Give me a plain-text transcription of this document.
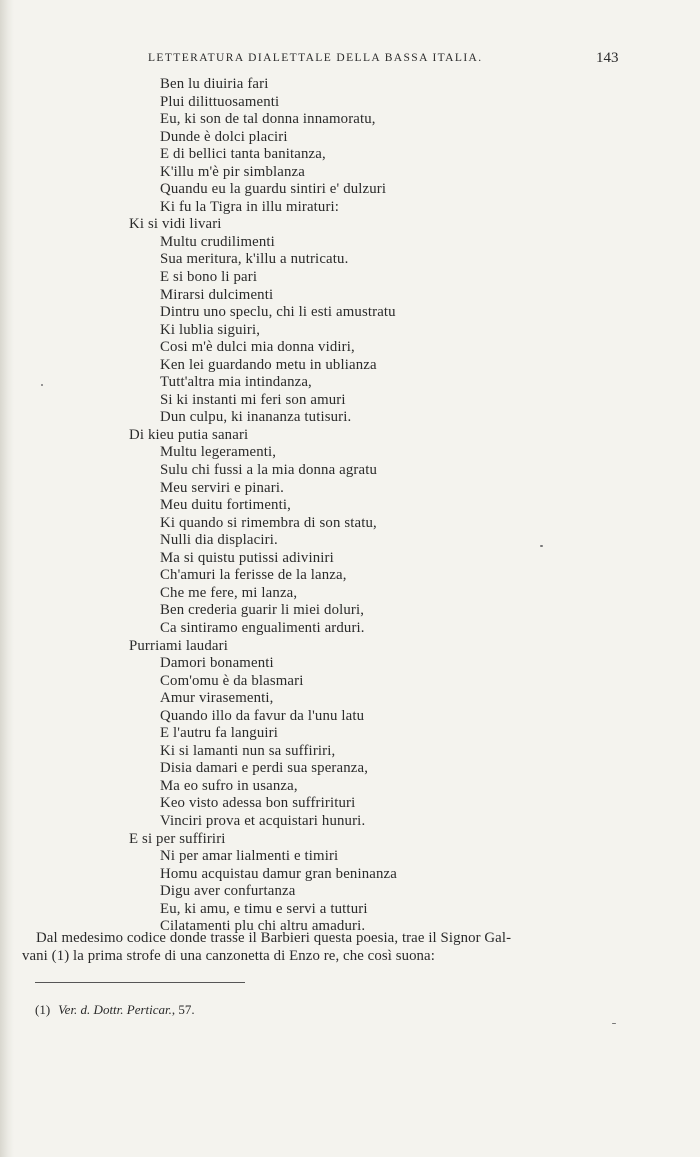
LETTERATURA DIALETTALE DELLA BASSA ITALIA.	143
Ben lu diuiria fari
Plui dilittuosamenti
Eu, ki son de tal donna innamoratu,
Dunde è dolci placiri
E di bellici tanta banitanza,
K'illu m'è pir simblanza
Quandu eu la guardu sintiri e' dulzuri
Ki fu la Tigra in illu miraturi:
Ki si vidi livari
Multu crudilimenti
Sua meritura, k'illu a nutricatu.
E si bono li pari
Mirarsi dulcimenti
Dintru uno speclu, chi li esti amustratu
Ki lublia siguiri,
Cosi m'è dulci mia donna vidiri,
Ken lei guardando metu in ublianza
Tutt'altra mia intindanza,
Si ki instanti mi feri son amuri
Dun culpu, ki inananza tutisuri.
Di kieu putia sanari
Multu legeramenti,
Sulu chi fussi a la mia donna agratu
Meu serviri e pinari.
Meu duitu fortimenti,
Ki quando si rimembra di son statu,
Nulli dia displaciri.
Ma si quistu putissi adiviniri
Ch'amuri la ferisse de la lanza,
Che me fere, mi lanza,
Ben crederia guarir li miei doluri,
Ca sintiramo engualimenti arduri.
Purriami laudari
Damori bonamenti
Com'omu è da blasmari
Amur virasementi,
Quando illo da favur da l'unu latu
E l'autru fa languiri
Ki si lamanti nun sa suffiriri,
Disia damari e perdi sua speranza,
Ma eo sufro in usanza,
Keo visto adessa bon suffririturi
Vinciri prova et acquistari hunuri.
E si per suffiriri
Ni per amar lialmenti e timiri
Homu acquistau damur gran beninanza
Digu aver confurtanza
Eu, ki amu, e timu e servi a tutturi
Cilatamenti plu chi altru amaduri.
Dal medesimo codice donde trasse il Barbieri questa poesia, trae il Signor Gal-
vani (1) la prima strofe di una canzonetta di Enzo re, che così suona:
(1) Ver. d. Dottr. Perticar., 57.
